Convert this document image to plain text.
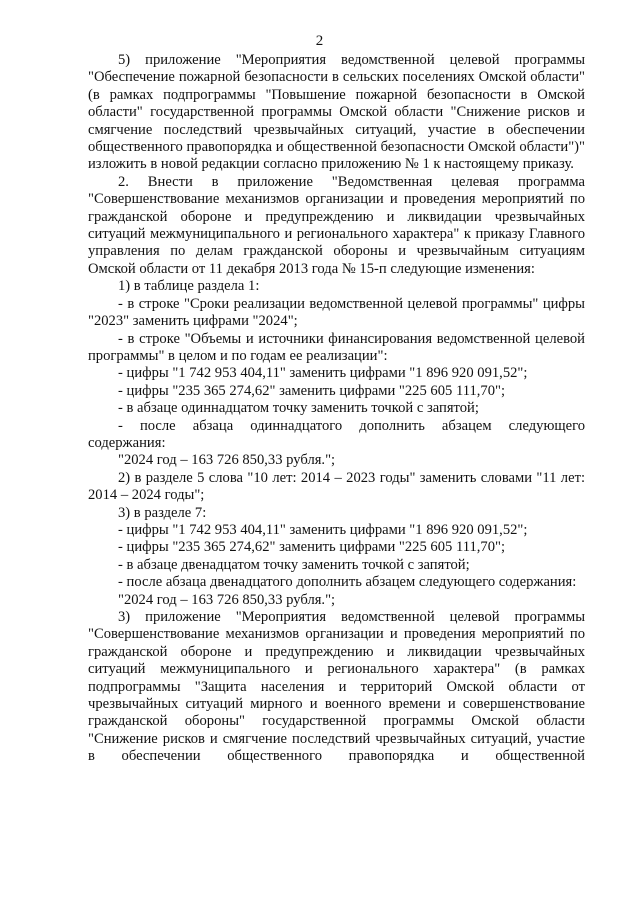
2

5) приложение "Мероприятия ведомственной целевой программы "Обеспечение пожарной безопасности в сельских поселениях Омской области" (в рамках подпрограммы "Повышение пожарной безопасности в Омской области" государственной программы Омской области "Снижение рисков и смягчение последствий чрезвычайных ситуаций, участие в обеспечении общественного правопорядка и общественной безопасности Омской области")" изложить в новой редакции согласно приложению № 1 к настоящему приказу.

2. Внести в приложение "Ведомственная целевая программа "Совершенствование механизмов организации и проведения мероприятий по гражданской обороне и предупреждению и ликвидации чрезвычайных ситуаций межмуниципального и регионального характера" к приказу Главного управления по делам гражданской обороны и чрезвычайным ситуациям Омской области от 11 декабря 2013 года № 15-п следующие изменения:

1) в таблице раздела 1:

- в строке "Сроки реализации ведомственной целевой программы" цифры "2023" заменить цифрами "2024";

- в строке "Объемы и источники финансирования ведомственной целевой программы" в целом и по годам ее реализации":

- цифры "1 742 953 404,11" заменить цифрами "1 896 920 091,52";

- цифры "235 365 274,62" заменить цифрами "225 605 111,70";

- в абзаце одиннадцатом точку заменить точкой с запятой;

- после абзаца одиннадцатого дополнить абзацем следующего содержания:

"2024 год – 163 726 850,33 рубля.";

2) в разделе 5 слова "10 лет: 2014 – 2023 годы" заменить словами "11 лет: 2014 – 2024 годы";

3) в разделе 7:

- цифры "1 742 953 404,11" заменить цифрами "1 896 920 091,52";

- цифры "235 365 274,62" заменить цифрами "225 605 111,70";

- в абзаце двенадцатом точку заменить точкой с запятой;

- после абзаца двенадцатого дополнить абзацем следующего содержания:

"2024 год – 163 726 850,33 рубля.";

3) приложение "Мероприятия ведомственной целевой программы "Совершенствование механизмов организации и проведения мероприятий по гражданской обороне и предупреждению и ликвидации чрезвычайных ситуаций межмуниципального и регионального характера" (в рамках подпрограммы "Защита населения и территорий Омской области от чрезвычайных ситуаций мирного и военного времени и совершенствование гражданской обороны" государственной программы Омской области "Снижение рисков и смягчение последствий чрезвычайных ситуаций, участие в обеспечении общественного правопорядка и общественной
